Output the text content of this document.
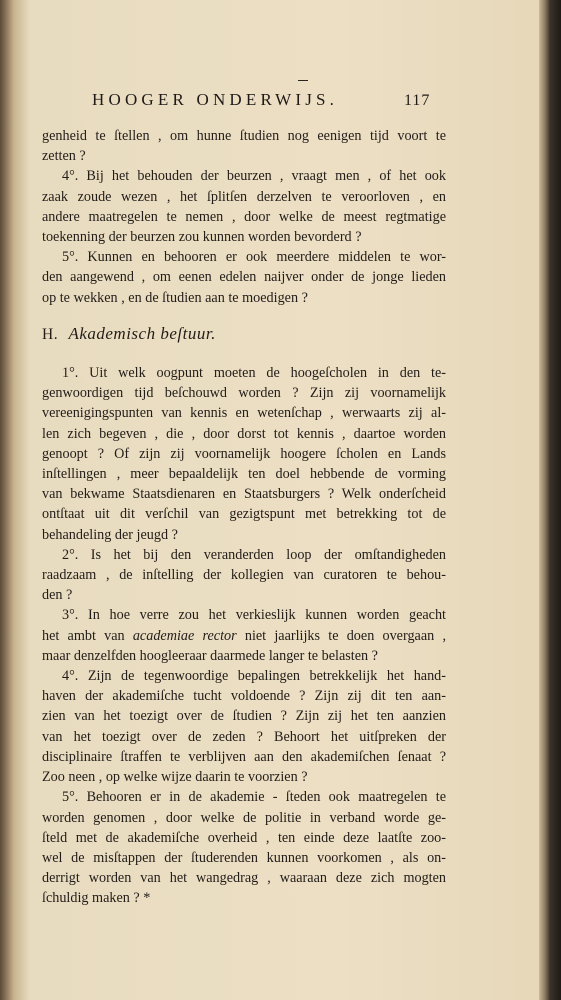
HOOGER ONDERWIJS.	117

genheid te ſtellen , om hunne ſtudien nog eenigen tijd voort te
zetten ?

4°. Bij het behouden der beurzen , vraagt men , of het ook
zaak zoude wezen , het ſplitſen derzelven te veroorloven , en
andere maatregelen te nemen , door welke de meest regtmatige
toekenning der beurzen zou kunnen worden bevorderd ?

5°. Kunnen en behooren er ook meerdere middelen te wor-
den aangewend , om eenen edelen naijver onder de jonge lieden
op te wekken , en de ſtudien aan te moedigen ?

H. Akademisch beſtuur.

1°. Uit welk oogpunt moeten de hoogeſcholen in den te-
genwoordigen tijd beſchouwd worden ? Zijn zij voornamelijk
vereenigingspunten van kennis en wetenſchap , werwaarts zij al-
len zich begeven , die , door dorst tot kennis , daartoe worden
genoopt ? Of zijn zij voornamelijk hoogere ſcholen en Lands
inſtellingen , meer bepaaldelijk ten doel hebbende de vorming
van bekwame Staatsdienaren en Staatsburgers ? Welk onderſcheid
ontſtaat uit dit verſchil van gezigtspunt met betrekking tot de
behandeling der jeugd ?

2°. Is het bij den veranderden loop der omſtandigheden
raadzaam , de inſtelling der kollegien van curatoren te behou-
den ?

3°. In hoe verre zou het verkieslijk kunnen worden geacht
het ambt van academiae rector niet jaarlijks te doen overgaan ,
maar denzelfden hoogleeraar daarmede langer te belasten ?

4°. Zijn de tegenwoordige bepalingen betrekkelijk het hand-
haven der akademiſche tucht voldoende ? Zijn zij dit ten aan-
zien van het toezigt over de ſtudien ? Zijn zij het ten aanzien
van het toezigt over de zeden ? Behoort het uitſpreken der
disciplinaire ſtraffen te verblijven aan den akademiſchen ſenaat ?
Zoo neen , op welke wijze daarin te voorzien ?

5°. Behooren er in de akademie - ſteden ook maatregelen te
worden genomen , door welke de politie in verband worde ge-
ſteld met de akademiſche overheid , ten einde deze laatſte zoo-
wel de misſtappen der ſtuderenden kunnen voorkomen , als on-
derrigt worden van het wangedrag , waaraan deze zich mogten
ſchuldig maken ? *
